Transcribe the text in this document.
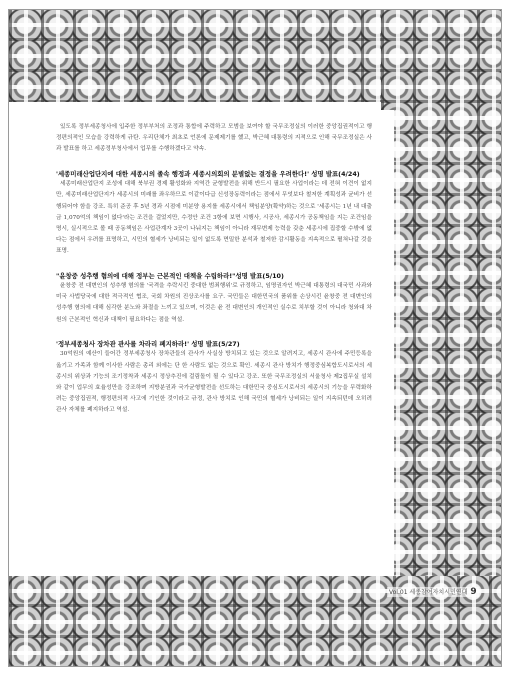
Vol.01 세종참여자치시민연대 9

있도록 정부세종청사에 입주한 정부부처의 조정과 통합에 주력하고 모범을 보여야 할 국무조정실의 이러한 중앙집권적이고 행정편의적인 모습을 강력하게 규탄. 우리단체가 최초로 언론에 문제제기를 했고, 박근혜 대통령의 지적으로 인해 국무조정실은 사과 발표를 하고 세종정부청사에서 업무를 수행하겠다고 약속.

'세종미래산업단지에 대한 세종시의 졸속 행정과 세종시의회의 분별없는 결정을 우려한다!' 성명 발표(4/24)

세종미래산업단지 조성에 대해 북부권 경제 활성화와 지역간 균형발전을 위해 반드시 필요한 사업이라는 데 전혀 이견이 없지만, 세종미래산업단지가 세종시의 미래를 좌우하므로 이같이다급 신성장동력이라는 점에서 무엇보다 철저한 계획성과 균비가 선행되어야 함을 강조. 특히 준공 후 5년 경과 시점에 미분양 용지를 세종시에서 책임분양(확약)하는 것으로 '세종시는 1년 내 대출금 1,070억의 책임이 없다'라는 조건을 걸었지만, 수정안 조건 3항에 보면 시행사, 시공사, 세종시가 공동책임을 지는 조건임을 명시, 실시적으로 볼 때 공동책임은 사업관계자 3곳이 나눠지는 책임이 아니라 재무변제 능력을 갖춘 세종시에 집중할 수밖에 없다는 점에서 우려를 표명하고, 시민의 혈세가 낭비되는 일이 없도록 면밀한 분석과 철저한 감시활동을 지속적으로 펼쳐나갈 것을 표명.

"윤창중 성추행 혐의에 대해 정부는 근본적인 대책을 수립하라!"성명 발표(5/10)

윤창중 전 대변인의 성추행 혐의를 '국격을 추락시킨 중대한 범죄행위'로 규정하고, 임명권자인 박근혜 대통령의 대국민 사과와 미국 사법당국에 대한 적극적인 협조, 국회 차원의 진상조사를 요구. 국민들은 대한민국의 품위를 손상시킨 윤창중 전 대변인의 성추행 혐의에 대해 심각한 분노와 좌절을 느끼고 있으며, 이것은 윤 전 대변인의 개인적인 실수로 치부할 것이 아니라 청와대 차원의 근본적인 혁신과 대책이 필요하다는 점을 역설.

'정부세종청사 장차관 관사를 차라리 폐지하라!' 성명 발표(5/27)

30억원의 예산이 들어간 정부세종청사 장차관들의 관사가 사실상 방치되고 있는 것으로 알려지고, 세종시 관사에 주민등록을 옮기고 가족과 함께 이사한 사람은 총리 외에는 단 한 사람도 없는 것으로 확인. 세종시 관사 방치가 행정중심복합도시로서의 세종시의 위상과 기능의 조기정착과 세종시 정상추진에 걸림돌이 될 수 있다고 강조. 또한 국무조정실의 서울청사 제2집무실 설치와 같이 업무의 효율성만을 강조하며 지방분권과 국가균형발전을 선도하는 대한민국 중심도시로서의 세종시의 기능을 무력화하려는 중앙집권적, 행정편의적 사고에 기인한 것이라고 규정, 관사 방치로 인해 국민의 혈세가 낭비되는 일이 지속되던데 오히려 관사 자체를 폐지하라고 역설.
